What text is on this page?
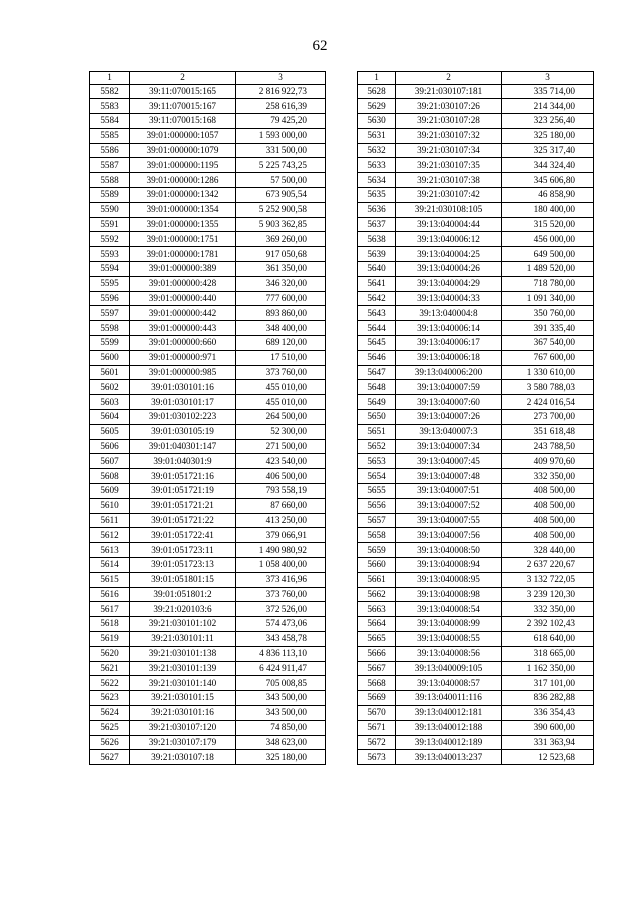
62
1	2	3
5582	39:11:070015:165	2 816 922,73
5583	39:11:070015:167	258 616,39
5584	39:11:070015:168	79 425,20
5585	39:01:000000:1057	1 593 000,00
5586	39:01:000000:1079	331 500,00
5587	39:01:000000:1195	5 225 743,25
5588	39:01:000000:1286	57 500,00
5589	39:01:000000:1342	673 905,54
5590	39:01:000000:1354	5 252 900,58
5591	39:01:000000:1355	5 903 362,85
5592	39:01:000000:1751	369 260,00
5593	39:01:000000:1781	917 050,68
5594	39:01:000000:389	361 350,00
5595	39:01:000000:428	346 320,00
5596	39:01:000000:440	777 600,00
5597	39:01:000000:442	893 860,00
5598	39:01:000000:443	348 400,00
5599	39:01:000000:660	689 120,00
5600	39:01:000000:971	17 510,00
5601	39:01:000000:985	373 760,00
5602	39:01:030101:16	455 010,00
5603	39:01:030101:17	455 010,00
5604	39:01:030102:223	264 500,00
5605	39:01:030105:19	52 300,00
5606	39:01:040301:147	271 500,00
5607	39:01:040301:9	423 540,00
5608	39:01:051721:16	406 500,00
5609	39:01:051721:19	793 558,19
5610	39:01:051721:21	87 660,00
5611	39:01:051721:22	413 250,00
5612	39:01:051722:41	379 066,91
5613	39:01:051723:11	1 490 980,92
5614	39:01:051723:13	1 058 400,00
5615	39:01:051801:15	373 416,96
5616	39:01:051801:2	373 760,00
5617	39:21:020103:6	372 526,00
5618	39:21:030101:102	574 473,06
5619	39:21:030101:11	343 458,78
5620	39:21:030101:138	4 836 113,10
5621	39:21:030101:139	6 424 911,47
5622	39:21:030101:140	705 008,85
5623	39:21:030101:15	343 500,00
5624	39:21:030101:16	343 500,00
5625	39:21:030107:120	74 850,00
5626	39:21:030107:179	348 623,00
5627	39:21:030107:18	325 180,00
1	2	3
5628	39:21:030107:181	335 714,00
5629	39:21:030107:26	214 344,00
5630	39:21:030107:28	323 256,40
5631	39:21:030107:32	325 180,00
5632	39:21:030107:34	325 317,40
5633	39:21:030107:35	344 324,40
5634	39:21:030107:38	345 606,80
5635	39:21:030107:42	46 858,90
5636	39:21:030108:105	180 400,00
5637	39:13:040004:44	315 520,00
5638	39:13:040006:12	456 000,00
5639	39:13:040004:25	649 500,00
5640	39:13:040004:26	1 489 520,00
5641	39:13:040004:29	718 780,00
5642	39:13:040004:33	1 091 340,00
5643	39:13:040004:8	350 760,00
5644	39:13:040006:14	391 335,40
5645	39:13:040006:17	367 540,00
5646	39:13:040006:18	767 600,00
5647	39:13:040006:200	1 330 610,00
5648	39:13:040007:59	3 580 788,03
5649	39:13:040007:60	2 424 016,54
5650	39:13:040007:26	273 700,00
5651	39:13:040007:3	351 618,48
5652	39:13:040007:34	243 788,50
5653	39:13:040007:45	409 970,60
5654	39:13:040007:48	332 350,00
5655	39:13:040007:51	408 500,00
5656	39:13:040007:52	408 500,00
5657	39:13:040007:55	408 500,00
5658	39:13:040007:56	408 500,00
5659	39:13:040008:50	328 440,00
5660	39:13:040008:94	2 637 220,67
5661	39:13:040008:95	3 132 722,05
5662	39:13:040008:98	3 239 120,30
5663	39:13:040008:54	332 350,00
5664	39:13:040008:99	2 392 102,43
5665	39:13:040008:55	618 640,00
5666	39:13:040008:56	318 665,00
5667	39:13:040009:105	1 162 350,00
5668	39:13:040008:57	317 101,00
5669	39:13:040011:116	836 282,88
5670	39:13:040012:181	336 354,43
5671	39:13:040012:188	390 600,00
5672	39:13:040012:189	331 363,94
5673	39:13:040013:237	12 523,68
